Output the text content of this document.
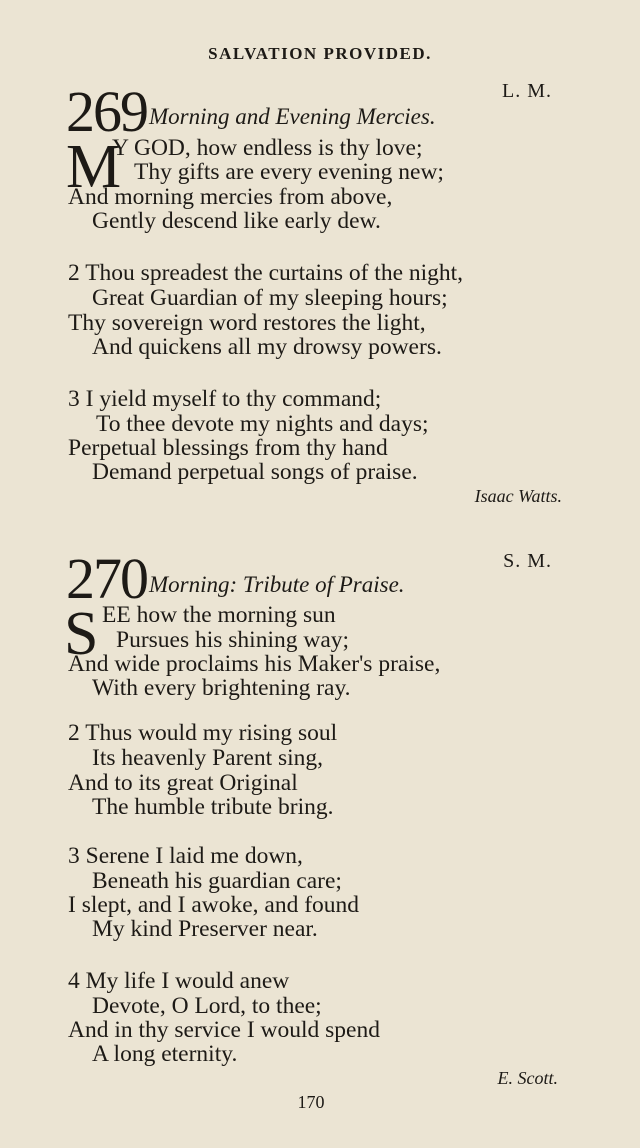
SALVATION PROVIDED.
269	L. M.
Morning and Evening Mercies.
M
Y GOD, how endless is thy love;
Thy gifts are every evening new;
And morning mercies from above,
Gently descend like early dew.
2 Thou spreadest the curtains of the night,
Great Guardian of my sleeping hours;
Thy sovereign word restores the light,
And quickens all my drowsy powers.
3 I yield myself to thy command;
To thee devote my nights and days;
Perpetual blessings from thy hand
Demand perpetual songs of praise.
Isaac Watts.
270	S. M.
Morning: Tribute of Praise.
S EE how the morning sun
Pursues his shining way;
And wide proclaims his Maker's praise,
With every brightening ray.
2 Thus would my rising soul
Its heavenly Parent sing,
And to its great Original
The humble tribute bring.
3 Serene I laid me down,
Beneath his guardian care;
I slept, and I awoke, and found
My kind Preserver near.
4 My life I would anew
Devote, O Lord, to thee;
And in thy service I would spend
A long eternity.
E. Scott.
170
